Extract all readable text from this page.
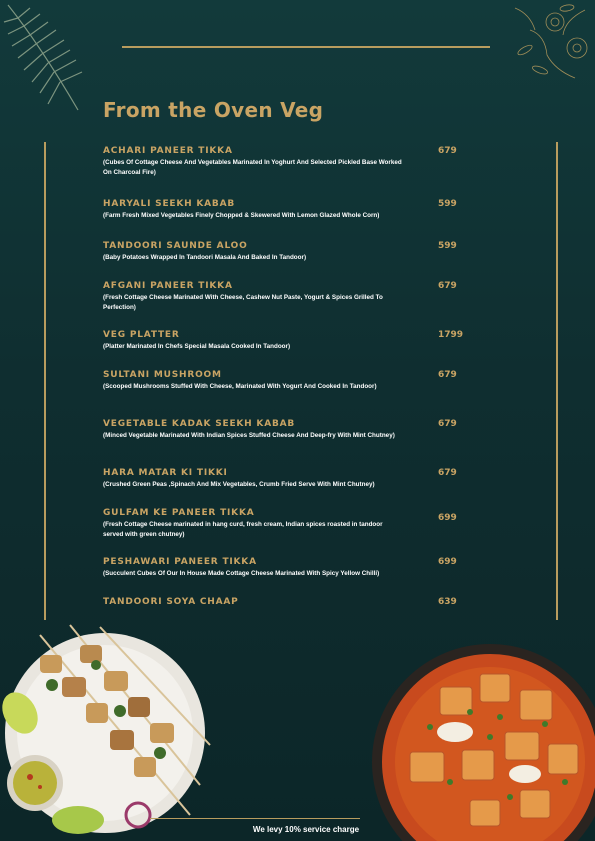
From the Oven Veg
ACHARI PANEER TIKKA
(Cubes Of Cottage Cheese And Vegetables Marinated In Yoghurt And Selected Pickled Base Worked On Charcoal Fire)
679
HARYALI SEEKH KABAB
(Farm Fresh Mixed Vegetables Finely Chopped & Skewered With Lemon Glazed Whole Corn)
599
TANDOORI SAUNDE ALOO
(Baby Potatoes Wrapped In Tandoori Masala And Baked In Tandoor)
599
AFGANI PANEER TIKKA
(Fresh Cottage Cheese Marinated With Cheese, Cashew Nut Paste, Yogurt & Spices Grilled To Perfection)
679
VEG PLATTER
(Platter Marinated In Chefs Special Masala Cooked In Tandoor)
1799
SULTANI MUSHROOM
(Scooped Mushrooms Stuffed With Cheese, Marinated With Yogurt And Cooked In Tandoor)
679
VEGETABLE KADAK SEEKH KABAB
(Minced Vegetable Marinated With Indian Spices Stuffed Cheese And Deep-fry With Mint Chutney)
679
HARA MATAR KI TIKKI
(Crushed Green Peas ,Spinach And Mix Vegetables, Crumb Fried Serve With Mint Chutney)
679
GULFAM KE PANEER TIKKA
(Fresh Cottage Cheese marinated in hang curd, fresh cream, Indian spices roasted in tandoor served with green chutney)
699
PESHAWARI PANEER TIKKA
(Succulent Cubes Of Our In House Made Cottage Cheese Marinated With Spicy Yellow Chilli)
699
TANDOORI SOYA CHAAP	639
We levy 10% service charge
